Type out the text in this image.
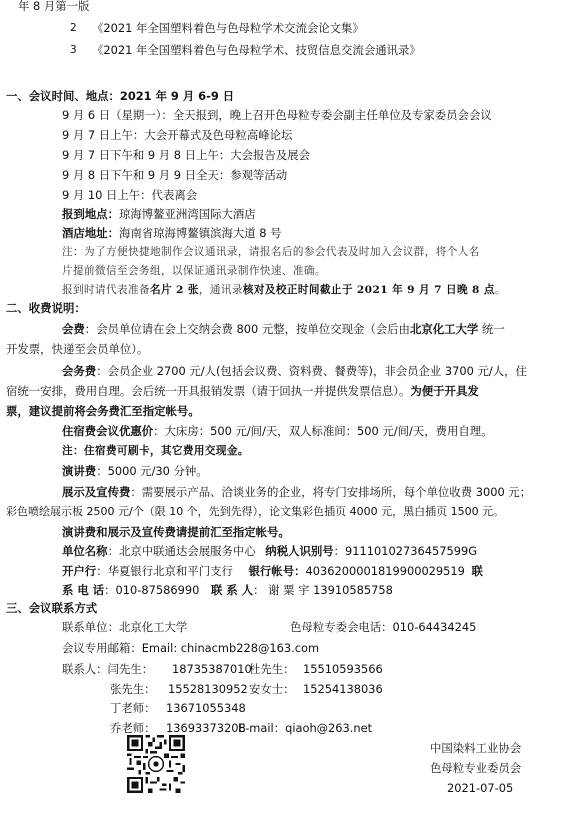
年 8 月第一版
2 《2021 年全国塑料着色与色母粒学术交流会论文集》
3 《2021 年全国塑料着色与色母粒学术、技贸信息交流会通讯录》
一、会议时间、地点：2021 年 9 月 6-9 日
9 月 6 日（星期一）：全天报到，晚上召开色母粒专委会副主任单位及专家委员会会议
9 月 7 日上午：大会开幕式及色母粒高峰论坛
9 月 7 日下午和 9 月 8 日上午：大会报告及展会
9 月 8 日下午和 9 月 9 日全天：参观等活动
9 月 10 日上午：代表离会
报到地点：琼海博鳌亚洲湾国际大酒店
酒店地址：海南省琼海博鳌镇滨海大道 8 号
注：为了方便快捷地制作会议通讯录，请报名后的参会代表及时加入会议群，将个人名
片提前微信至会务组，以保证通讯录制作快速、准确。
报到时请代表准备名片 2 张，通讯录核对及校正时间截止于 2021 年 9 月 7 日晚 8 点。
二、收费说明：
会费：会员单位请在会上交纳会费 800 元整，按单位交现金（会后由北京化工大学 统一
开发票，快递至会员单位）。
会务费：会员企业 2700 元/人(包括会议费、资料费、餐费等)，非会员企业 3700 元/人，住
宿统一安排，费用自理。会后统一开具报销发票（请于回执一并提供发票信息）。为便于开具发
票，建议提前将会务费汇至指定帐号。
住宿费会议优惠价：大床房：500 元/间/天，双人标准间：500 元/间/天，费用自理。
注：住宿费可刷卡，其它费用交现金。
演讲费：5000 元/30 分钟。
展示及宣传费：需要展示产品、洽谈业务的企业，将专门安排场所，每个单位收费 3000 元；
彩色喷绘展示板 2500 元/个（限 10 个，先到先得），论文集彩色插页 4000 元，黑白插页 1500 元。
演讲费和展示及宣传费请提前汇至指定帐号。
单位名称：北京中联通达会展服务中心 纳税人识别号：91110102736457599G
开户行：华夏银行北京和平门支行 银行帐号：4036200001819900029519 联
系 电 话：010-87586990 联 系 人： 谢 粟 宇 13910585758
三、会议联系方式
联系单位：北京化工大学	色母粒专委会电话：010-64434245
会议专用邮箱：Email: chinacmb228@163.com
联系人：闫先生： 18735387010
杜先生： 15510593566
张先生： 15528130952 安女士： 15254138036
丁老师： 13671055348
乔老师： 13693373208
E-mail：qiaoh@263.net
中国染料工业协会
色母粒专业委员会
2021-07-05
